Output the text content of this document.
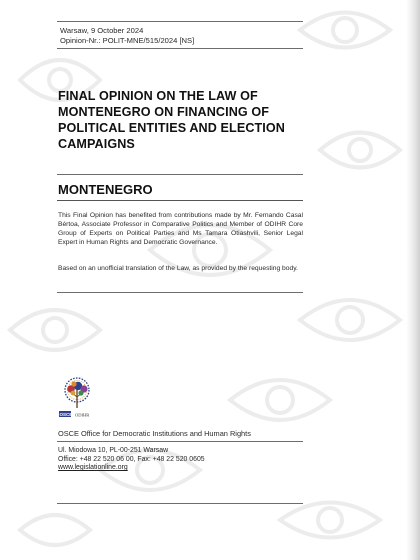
Warsaw, 9 October 2024
Opinion-Nr.: POLIT-MNE/515/2024 [NS]
FINAL OPINION ON THE LAW OF MONTENEGRO ON FINANCING OF POLITICAL ENTITIES AND ELECTION CAMPAIGNS
MONTENEGRO
This Final Opinion has benefited from contributions made by Mr. Fernando Casal Bértoa, Associate Professor in Comparative Politics and Member of ODIHR Core Group of Experts on Political Parties and Ms Tamara Otiashvili, Senior Legal Expert in Human Rights and Democratic Governance.
Based on an unofficial translation of the Law, as provided by the requesting body.
OSCE ODIHR
OSCE Office for Democratic Institutions and Human Rights
Ul. Miodowa 10, PL-00-251 Warsaw
Office: +48 22 520 06 00, Fax: +48 22 520 0605
www.legislationline.org
